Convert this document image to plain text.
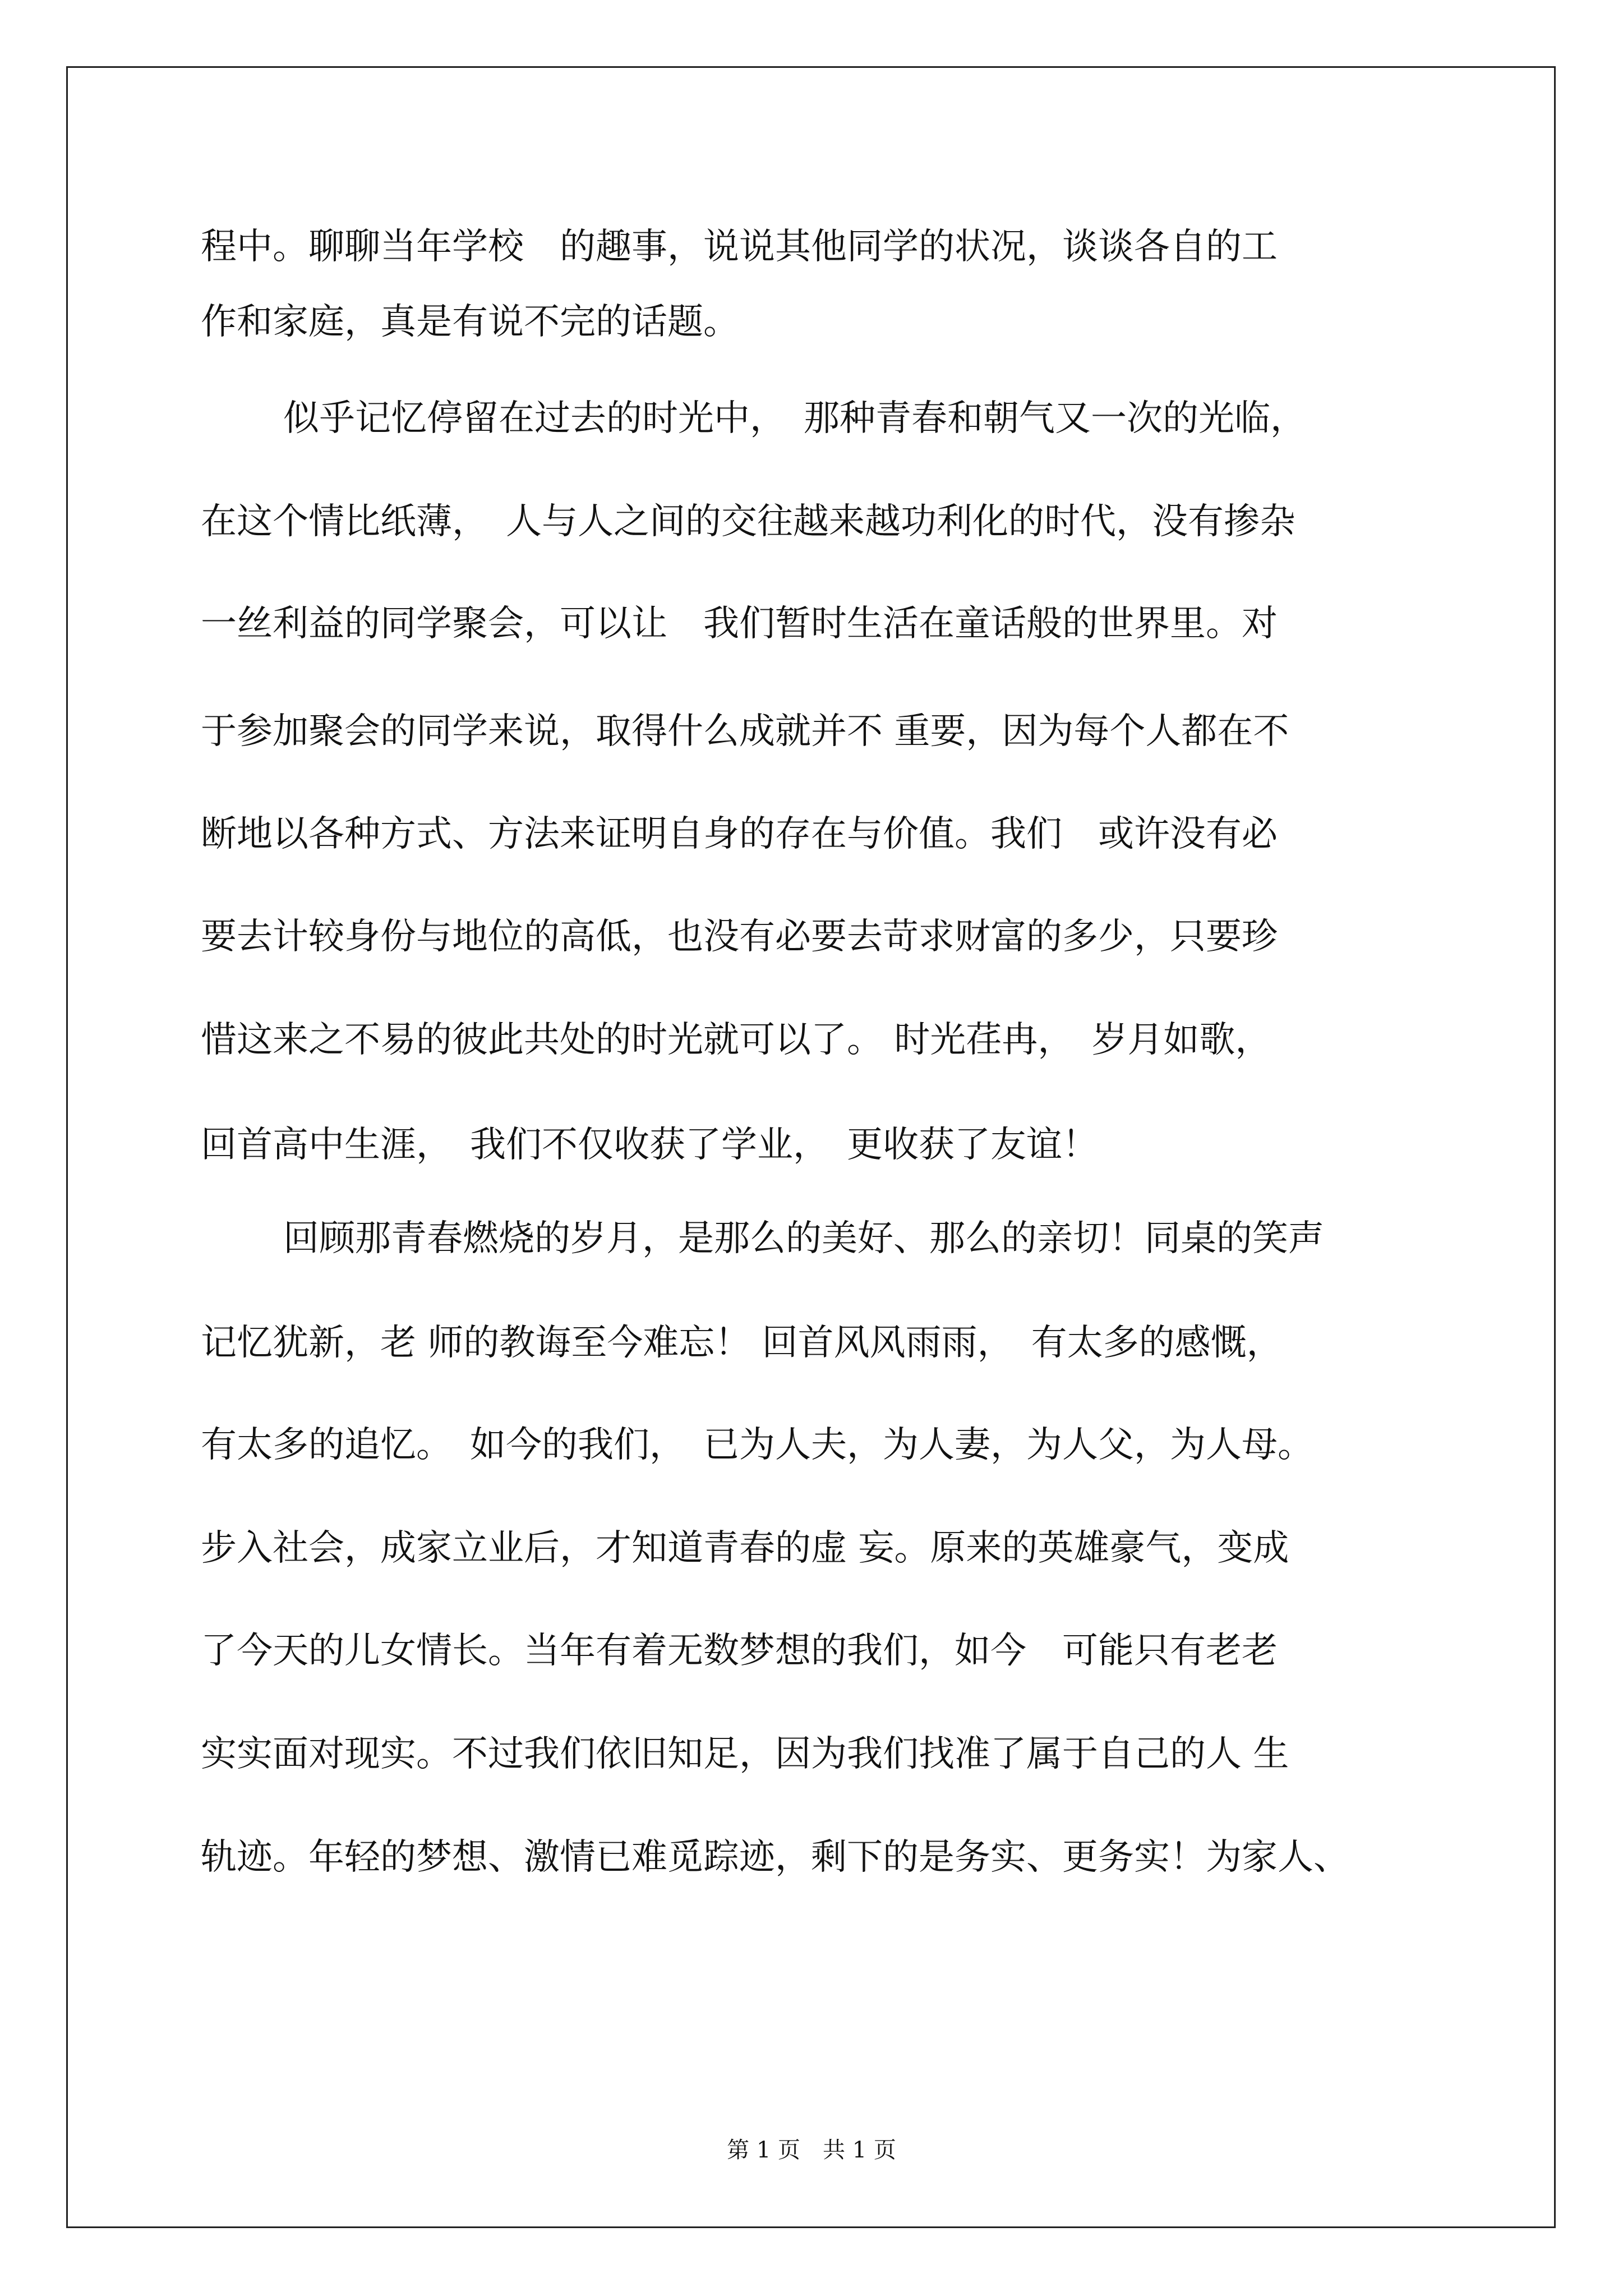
程中。聊聊当年学校　的趣事，说说其他同学的状况，谈谈各自的工
作和家庭，真是有说不完的话题。
似乎记忆停留在过去的时光中，　那种青春和朝气又一次的光临，
在这个情比纸薄，　人与人之间的交往越来越功利化的时代，没有掺杂
一丝利益的同学聚会，可以让　我们暂时生活在童话般的世界里。对
于参加聚会的同学来说，取得什么成就并不 重要，因为每个人都在不
断地以各种方式、方法来证明自身的存在与价值。我们　或许没有必
要去计较身份与地位的高低，也没有必要去苛求财富的多少，只要珍
惜这来之不易的彼此共处的时光就可以了。 时光荏冉，　岁月如歌，
回首高中生涯，　我们不仅收获了学业，　更收获了友谊！
回顾那青春燃烧的岁月，是那么的美好、那么的亲切！同桌的笑声
记忆犹新，老 师的教诲至今难忘！ 回首风风雨雨，　有太多的感慨，
有太多的追忆。　如今的我们，　已为人夫，为人妻，为人父，为人母。
步入社会，成家立业后，才知道青春的虚 妄。原来的英雄豪气，变成
了今天的儿女情长。当年有着无数梦想的我们，如今　可能只有老老
实实面对现实。不过我们依旧知足，因为我们找准了属于自己的人 生
轨迹。年轻的梦想、激情已难觅踪迹，剩下的是务实、更务实！为家人、
第 1 页　共 1 页
